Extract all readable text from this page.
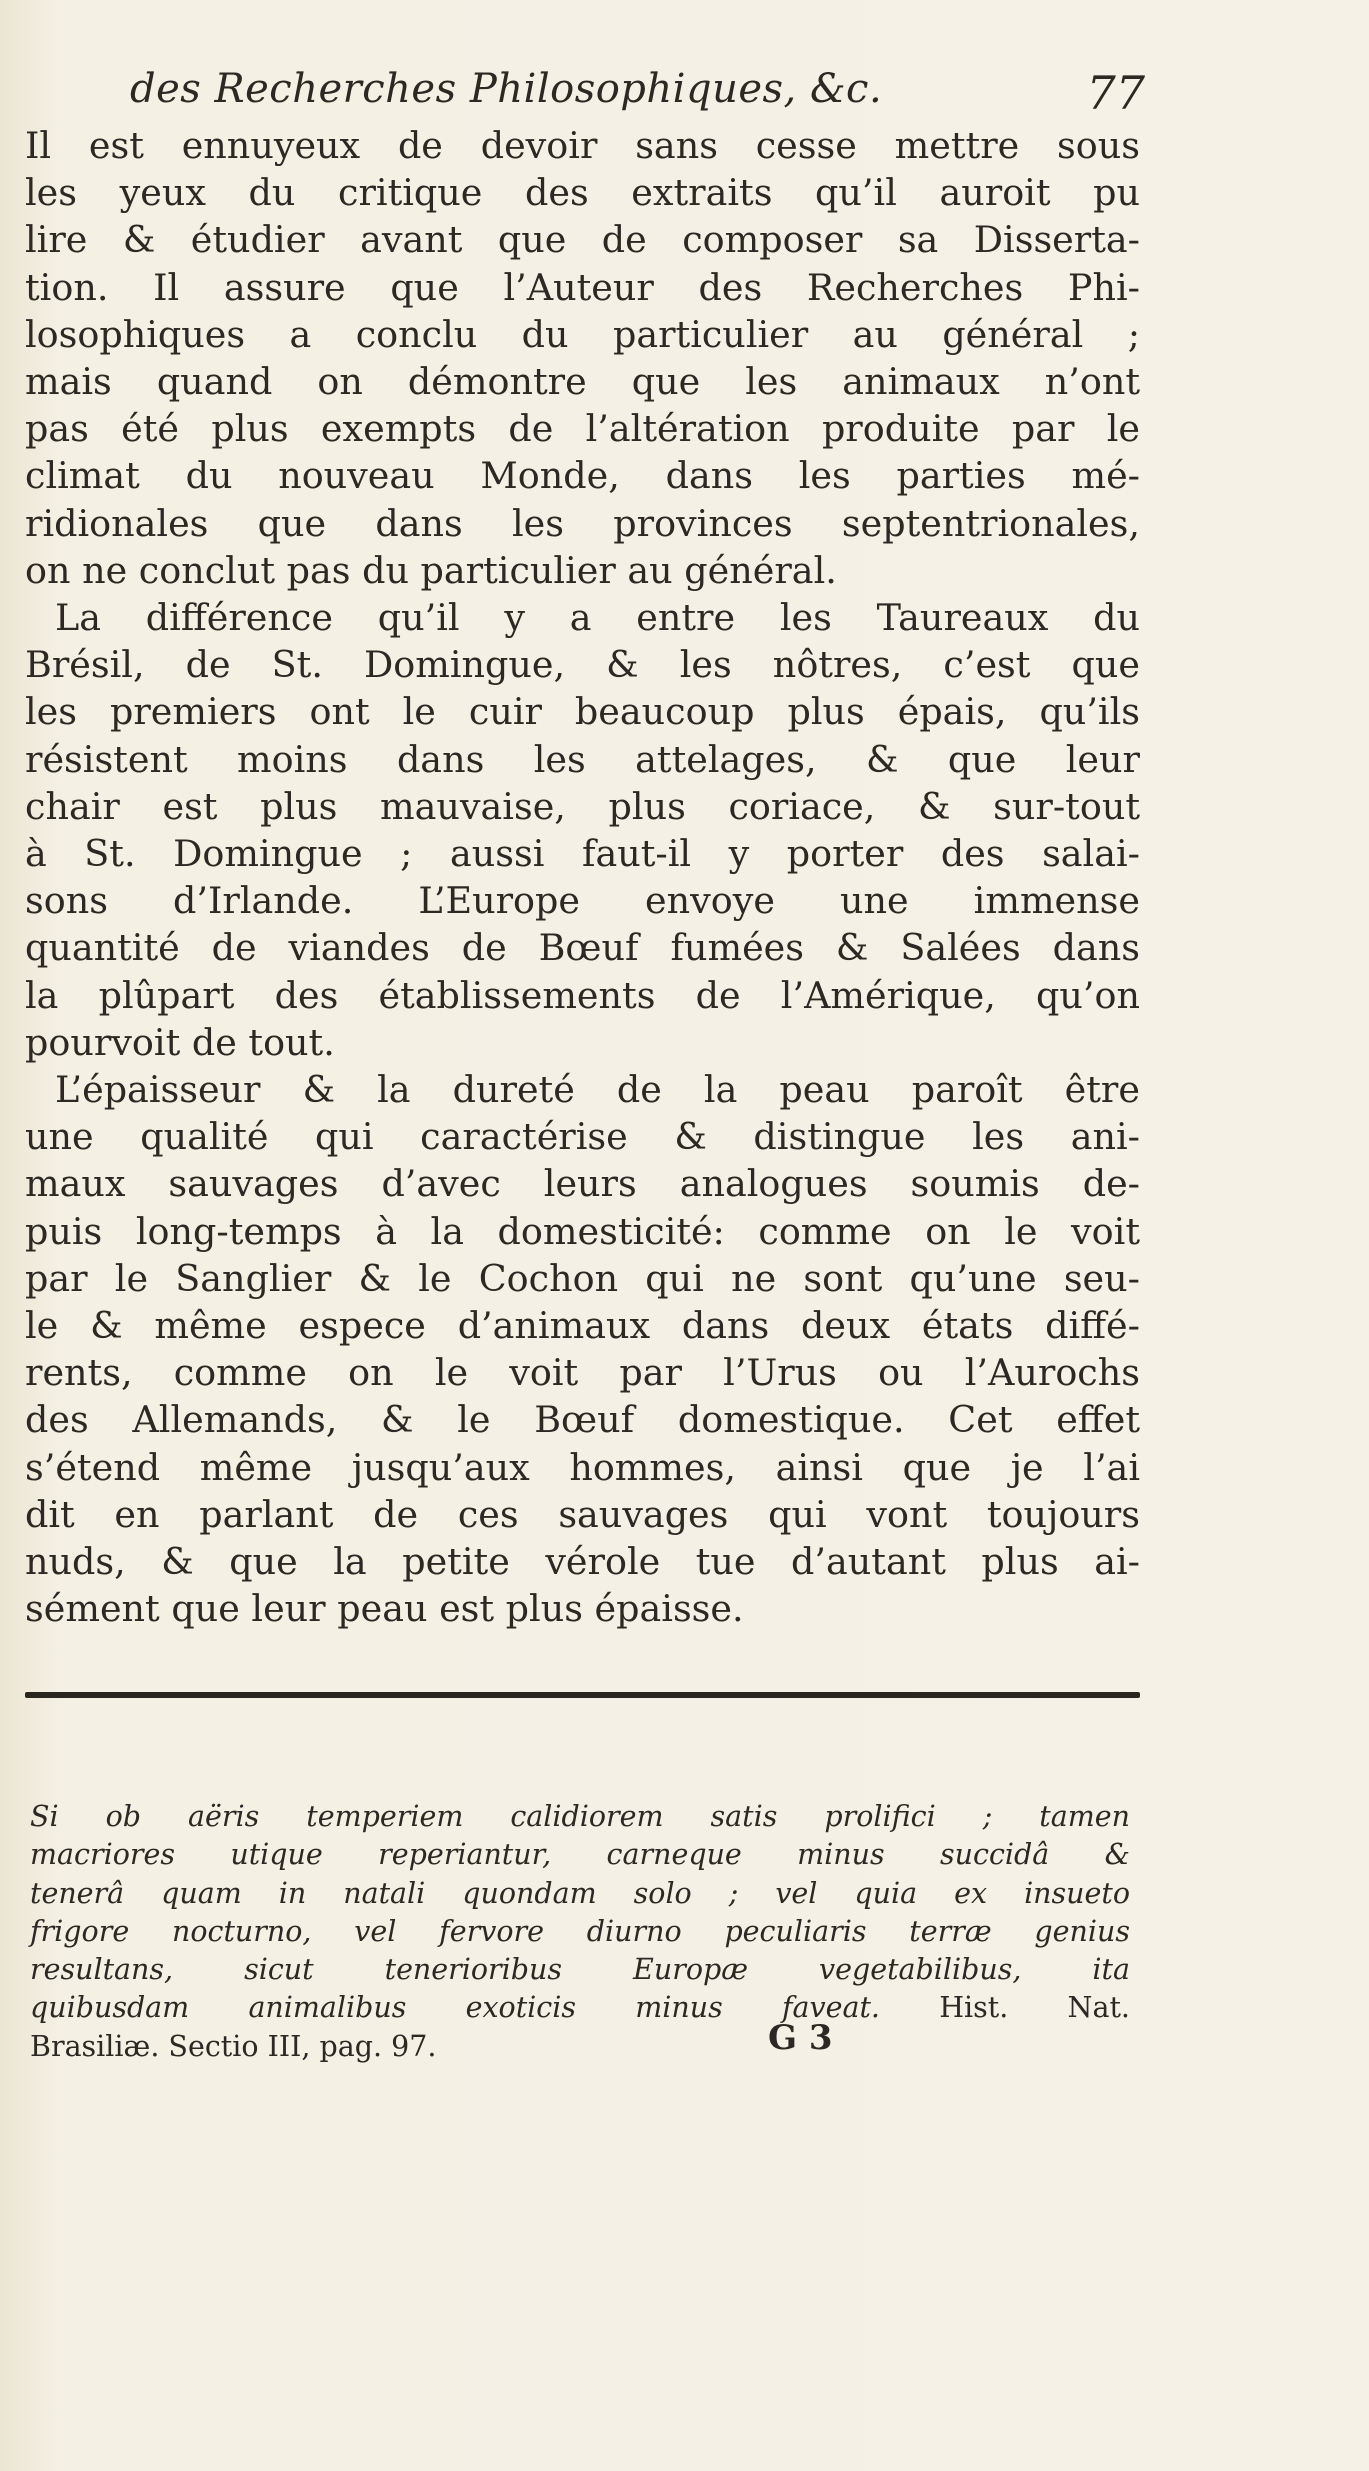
des Recherches Philosophiques, &c.	77

Il est ennuyeux de devoir sans cesse mettre sous
les yeux du critique des extraits qu’il auroit pu
lire & étudier avant que de composer sa Disserta-
tion. Il assure que l’Auteur des Recherches Phi-
losophiques a conclu du particulier au général ;
mais quand on démontre que les animaux n’ont
pas été plus exempts de l’altération produite par le
climat du nouveau Monde, dans les parties mé-
ridionales que dans les provinces septentrionales,
on ne conclut pas du particulier au général.

La différence qu’il y a entre les Taureaux du
Brésil, de St. Domingue, & les nôtres, c’est que
les premiers ont le cuir beaucoup plus épais, qu’ils
résistent moins dans les attelages, & que leur
chair est plus mauvaise, plus coriace, & sur-tout
à St. Domingue ; aussi faut-il y porter des salai-
sons d’Irlande. L’Europe envoye une immense
quantité de viandes de Bœuf fumées & Salées dans
la plûpart des établissements de l’Amérique, qu’on
pourvoit de tout.

L’épaisseur & la dureté de la peau paroît être
une qualité qui caractérise & distingue les ani-
maux sauvages d’avec leurs analogues soumis de-
puis long-temps à la domesticité: comme on le voit
par le Sanglier & le Cochon qui ne sont qu’une seu-
le & même espece d’animaux dans deux états diffé-
rents, comme on le voit par l’Urus ou l’Aurochs
des Allemands, & le Bœuf domestique. Cet effet
s’étend même jusqu’aux hommes, ainsi que je l’ai
dit en parlant de ces sauvages qui vont toujours
nuds, & que la petite vérole tue d’autant plus ai-
sément que leur peau est plus épaisse.

Si ob aëris temperiem calidiorem satis prolifici ; tamen
macriores utique reperiantur, carneque minus succidâ &
tenerâ quam in natali quondam solo ; vel quia ex insueto
frigore nocturno, vel fervore diurno peculiaris terræ genius
resultans, sicut tenerioribus Europæ vegetabilibus, ita
quibusdam animalibus exoticis minus faveat. Hist. Nat.
Brasiliæ. Sectio III, pag. 97.	G 3
